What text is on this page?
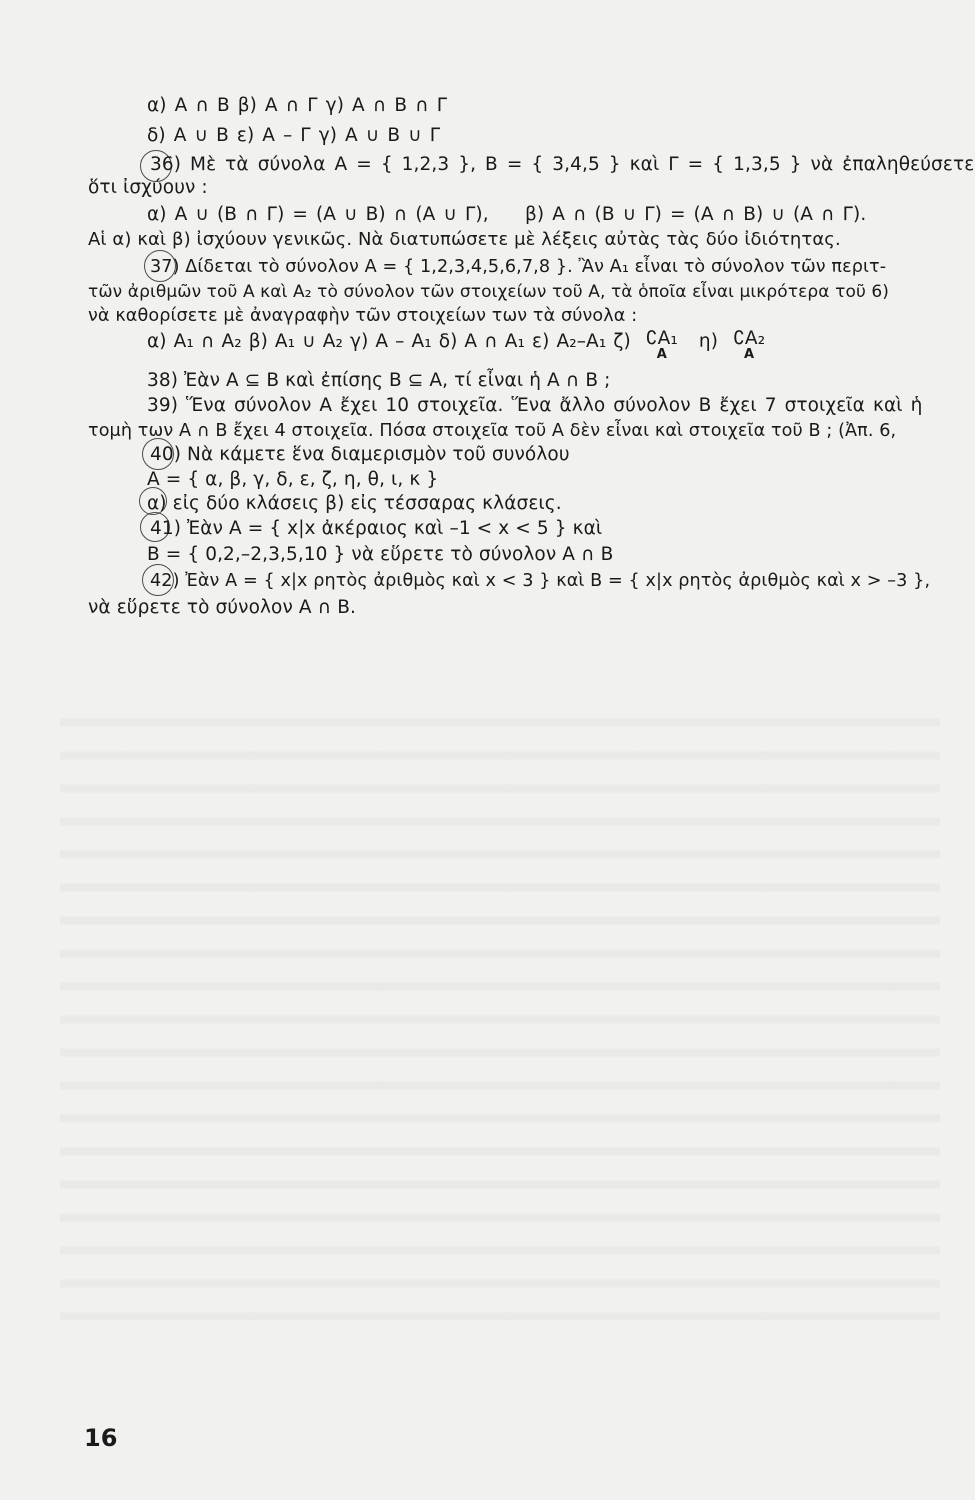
α) A ∩ B β) A ∩ Γ γ) A ∩ B ∩ Γ
δ) A ∪ B ε) A – Γ γ) A ∪ B ∪ Γ
36) Μὲ τὰ σύνολα A = { 1,2,3 }, B = { 3,4,5 } καὶ Γ = { 1,3,5 } νὰ ἐπαληθεύσετε
ὅτι ἰσχύουν :
α) A ∪ (B ∩ Γ) = (A ∪ B) ∩ (A ∪ Γ), β) A ∩ (B ∪ Γ) = (A ∩ B) ∪ (A ∩ Γ).
Αἱ α) καὶ β) ἰσχύουν γενικῶς. Νὰ διατυπώσετε μὲ λέξεις αὐτὰς τὰς δύο ἰδιότητας.
37) Δίδεται τὸ σύνολον A = { 1,2,3,4,5,6,7,8 }. Ἂν A₁ εἶναι τὸ σύνολον τῶν περιτ-
τῶν ἀριθμῶν τοῦ A καὶ A₂ τὸ σύνολον τῶν στοιχείων τοῦ A, τὰ ὁποῖα εἶναι μικρότερα τοῦ 6)
νὰ καθορίσετε μὲ ἀναγραφὴν τῶν στοιχείων των τὰ σύνολα :
α) A₁ ∩ A₂ β) A₁ ∪ A₂ γ) A – A₁ δ) A ∩ A₁ ε) A₂–A₁ ζ) ∁A₁
A
η) ∁A₂
A
38) Ἐὰν A ⊆ B καὶ ἐπίσης B ⊆ A, τί εἶναι ἡ A ∩ B ;
39) Ἕνα σύνολον A ἔχει 10 στοιχεῖα. Ἕνα ἄλλο σύνολον B ἔχει 7 στοιχεῖα καὶ ἡ
τομὴ των A ∩ B ἔχει 4 στοιχεῖα. Πόσα στοιχεῖα τοῦ A δὲν εἶναι καὶ στοιχεῖα τοῦ B ; (Ἀπ. 6,
40) Νὰ κάμετε ἕνα διαμερισμὸν τοῦ συνόλου
A = { α, β, γ, δ, ε, ζ, η, θ, ι, κ }
α) εἰς δύο κλάσεις β) εἰς τέσσαρας κλάσεις.
41) Ἐὰν A = { x|x ἀκέραιος καὶ –1 < x < 5 } καὶ
B = { 0,2,–2,3,5,10 } νὰ εὕρετε τὸ σύνολον A ∩ B
42) Ἐὰν A = { x|x ρητὸς ἀριθμὸς καὶ x < 3 } καὶ B = { x|x ρητὸς ἀριθμὸς καὶ x > –3 },
νὰ εὕρετε τὸ σύνολον A ∩ B.
16
